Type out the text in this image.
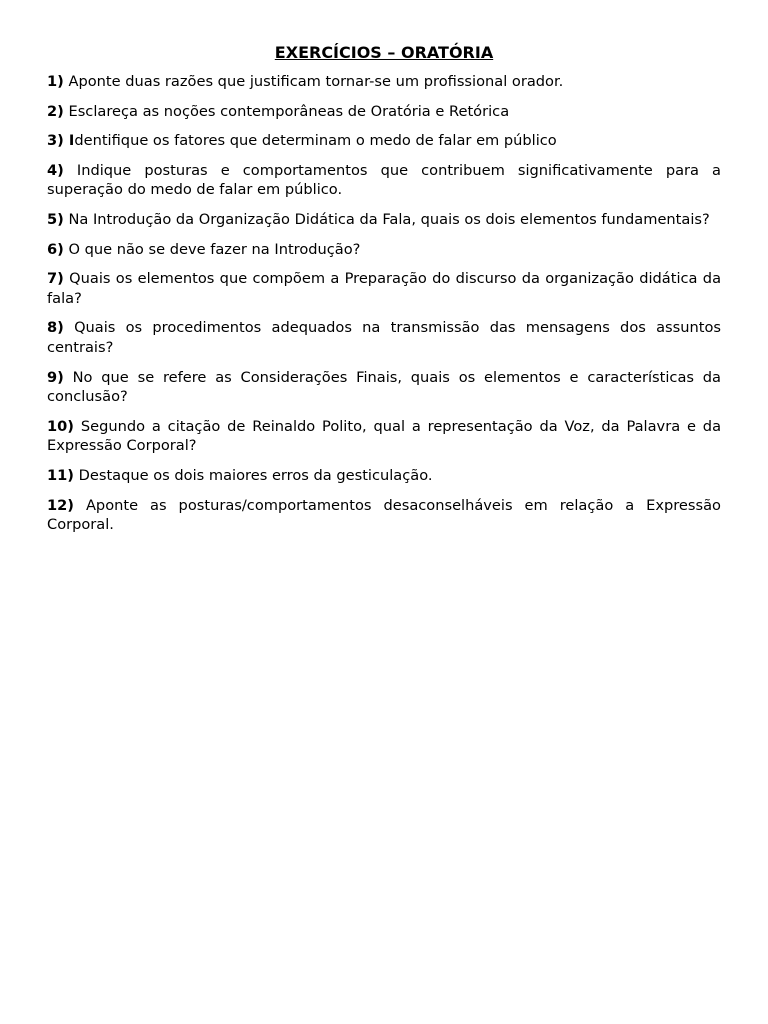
EXERCÍCIOS – ORATÓRIA

1) Aponte duas razões que justificam tornar-se um profissional orador.

2) Esclareça as noções contemporâneas de Oratória e Retórica

3) Identifique os fatores que determinam o medo de falar em público

4) Indique posturas e comportamentos que contribuem significativamente para a superação do medo de falar em público.

5) Na Introdução da Organização Didática da Fala, quais os dois elementos fundamentais?

6) O que não se deve fazer na Introdução?

7) Quais os elementos que compõem a Preparação do discurso da organização didática da fala?

8) Quais os procedimentos adequados na transmissão das mensagens dos assuntos centrais?

9) No que se refere as Considerações Finais, quais os elementos e características da conclusão?

10) Segundo a citação de Reinaldo Polito, qual a representação da Voz, da Palavra e da Expressão Corporal?

11) Destaque os dois maiores erros da gesticulação.

12) Aponte as posturas/comportamentos desaconselháveis em relação a Expressão Corporal.
